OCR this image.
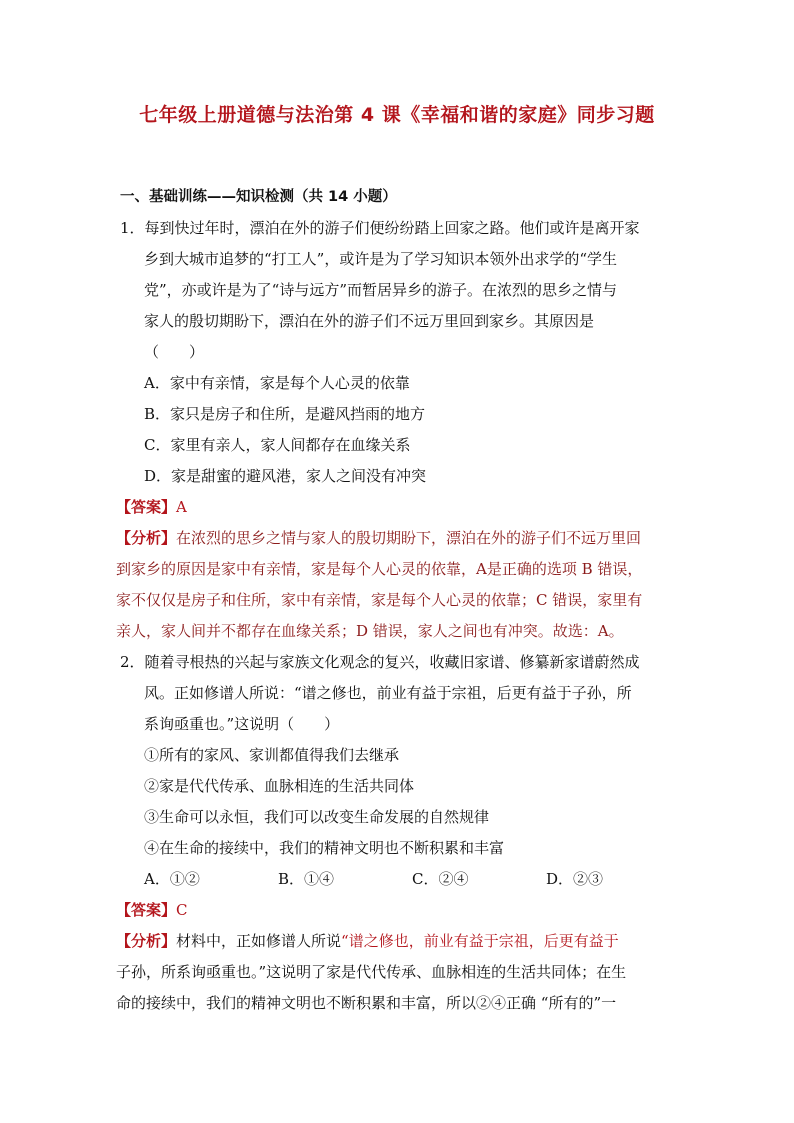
七年级上册道德与法治第 4 课《幸福和谐的家庭》同步习题
一、基础训练——知识检测（共 14 小题）
1．每到快过年时，漂泊在外的游子们便纷纷踏上回家之路。他们或许是离开家
乡到大城市追梦的“打工人”，或许是为了学习知识本领外出求学的“学生
党”，亦或许是为了“诗与远方”而暂居异乡的游子。在浓烈的思乡之情与
家人的殷切期盼下，漂泊在外的游子们不远万里回到家乡。其原因是
（　　）
A．家中有亲情，家是每个人心灵的依靠
B．家只是房子和住所，是避风挡雨的地方
C．家里有亲人，家人间都存在血缘关系
D．家是甜蜜的避风港，家人之间没有冲突
【答案】A
【分析】在浓烈的思乡之情与家人的殷切期盼下，漂泊在外的游子们不远万里回
到家乡的原因是家中有亲情，家是每个人心灵的依靠，A是正确的选项 B 错误，
家不仅仅是房子和住所，家中有亲情，家是每个人心灵的依靠；C 错误，家里有
亲人，家人间并不都存在血缘关系；D 错误，家人之间也有冲突。故选：A。
2．随着寻根热的兴起与家族文化观念的复兴，收藏旧家谱、修纂新家谱蔚然成
风。正如修谱人所说：“谱之修也，前业有益于宗祖，后更有益于子孙，所
系询亟重也。”这说明（　　）
①所有的家风、家训都值得我们去继承
②家是代代传承、血脉相连的生活共同体
③生命可以永恒，我们可以改变生命发展的自然规律
④在生命的接续中，我们的精神文明也不断积累和丰富
A．①②	B．①④	C．②④	D．②③
【答案】C
【分析】材料中，正如修谱人所说“谱之修也，前业有益于宗祖，后更有益于
子孙，所系询亟重也。”这说明了家是代代传承、血脉相连的生活共同体；在生
命的接续中，我们的精神文明也不断积累和丰富，所以②④正确 “所有的”一
